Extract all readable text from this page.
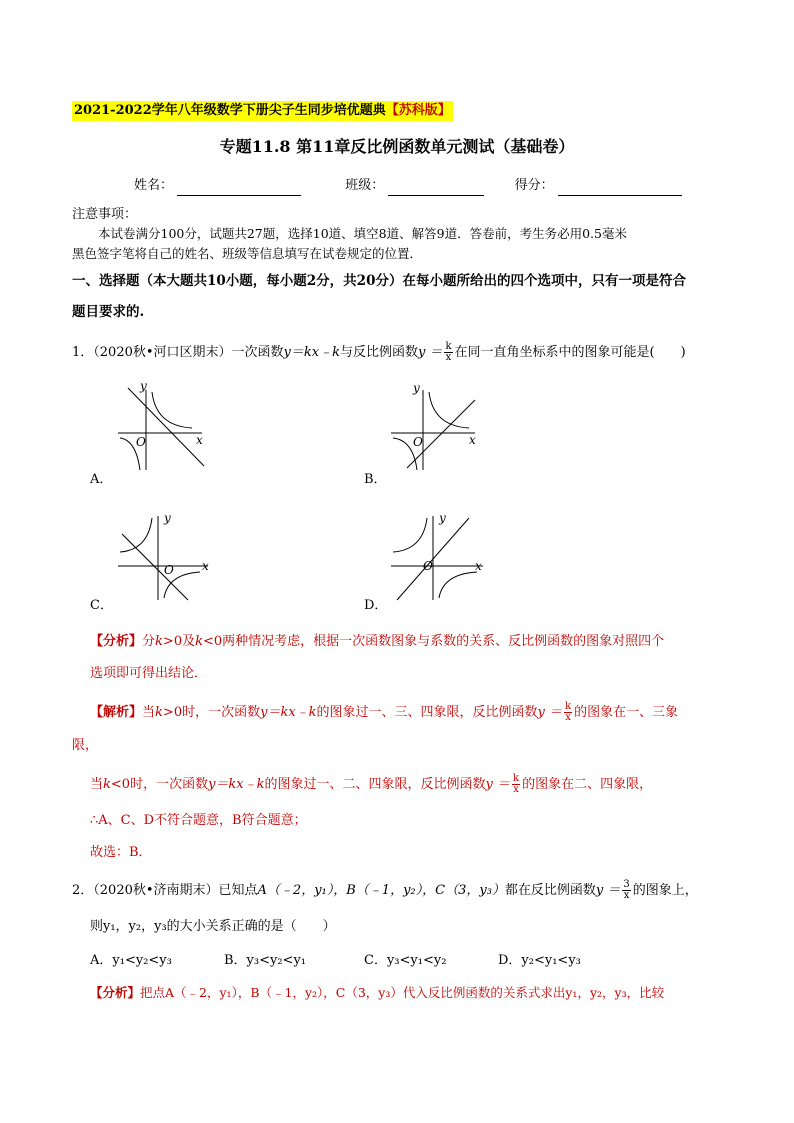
2021-2022学年八年级数学下册尖子生同步培优题典【苏科版】
专题11.8 第11章反比例函数单元测试（基础卷）
姓名：	班级：	得分：
注意事项：
本试卷满分100分，试题共27题，选择10道、填空8道、解答9道．答卷前，考生务必用0.5毫米
黑色签字笔将自己的姓名、班级等信息填写在试卷规定的位置．
一、选择题（本大题共10小题，每小题2分，共20分）在每小题所给出的四个选项中，只有一项是符合
题目要求的.
1．（2020秋•河口区期末）一次函数y＝kx﹣k与反比例函数$y = \frac{k}{x}$ 在同一直角坐标系中的图象可能是(　　)
y
x
O
A．
y
x
O
B．
y
x
O
C．
y
x
O
D．
【分析】分k>0及k<0两种情况考虑，根据一次函数图象与系数的关系、反比例函数的图象对照四个
选项即可得出结论．
【解析】当k>0时，一次函数y＝kx﹣k的图象过一、三、四象限，反比例函数$y = \frac{k}{x}$ 的图象在一、三象
限，
当k<0时，一次函数y＝kx﹣k的图象过一、二、四象限，反比例函数$y = \frac{k}{x}$ 的图象在二、四象限，
∴A、C、D不符合题意，B符合题意；
故选：B．
2．（2020秋•济南期末）已知点A（﹣2，y₁），B（﹣1，y₂），C（3，y₃）都在反比例函数$y = \frac{3}{x}$ 的图象上，
则y₁，y₂，y₃的大小关系正确的是（　　）
A．y₁<y₂<y₃	B．y₃<y₂<y₁	C．y₃<y₁<y₂	D．y₂<y₁<y₃
【分析】把点A（﹣2，y₁），B（﹣1，y₂），C（3，y₃）代入反比例函数的关系式求出y₁，y₂，y₃，比较
